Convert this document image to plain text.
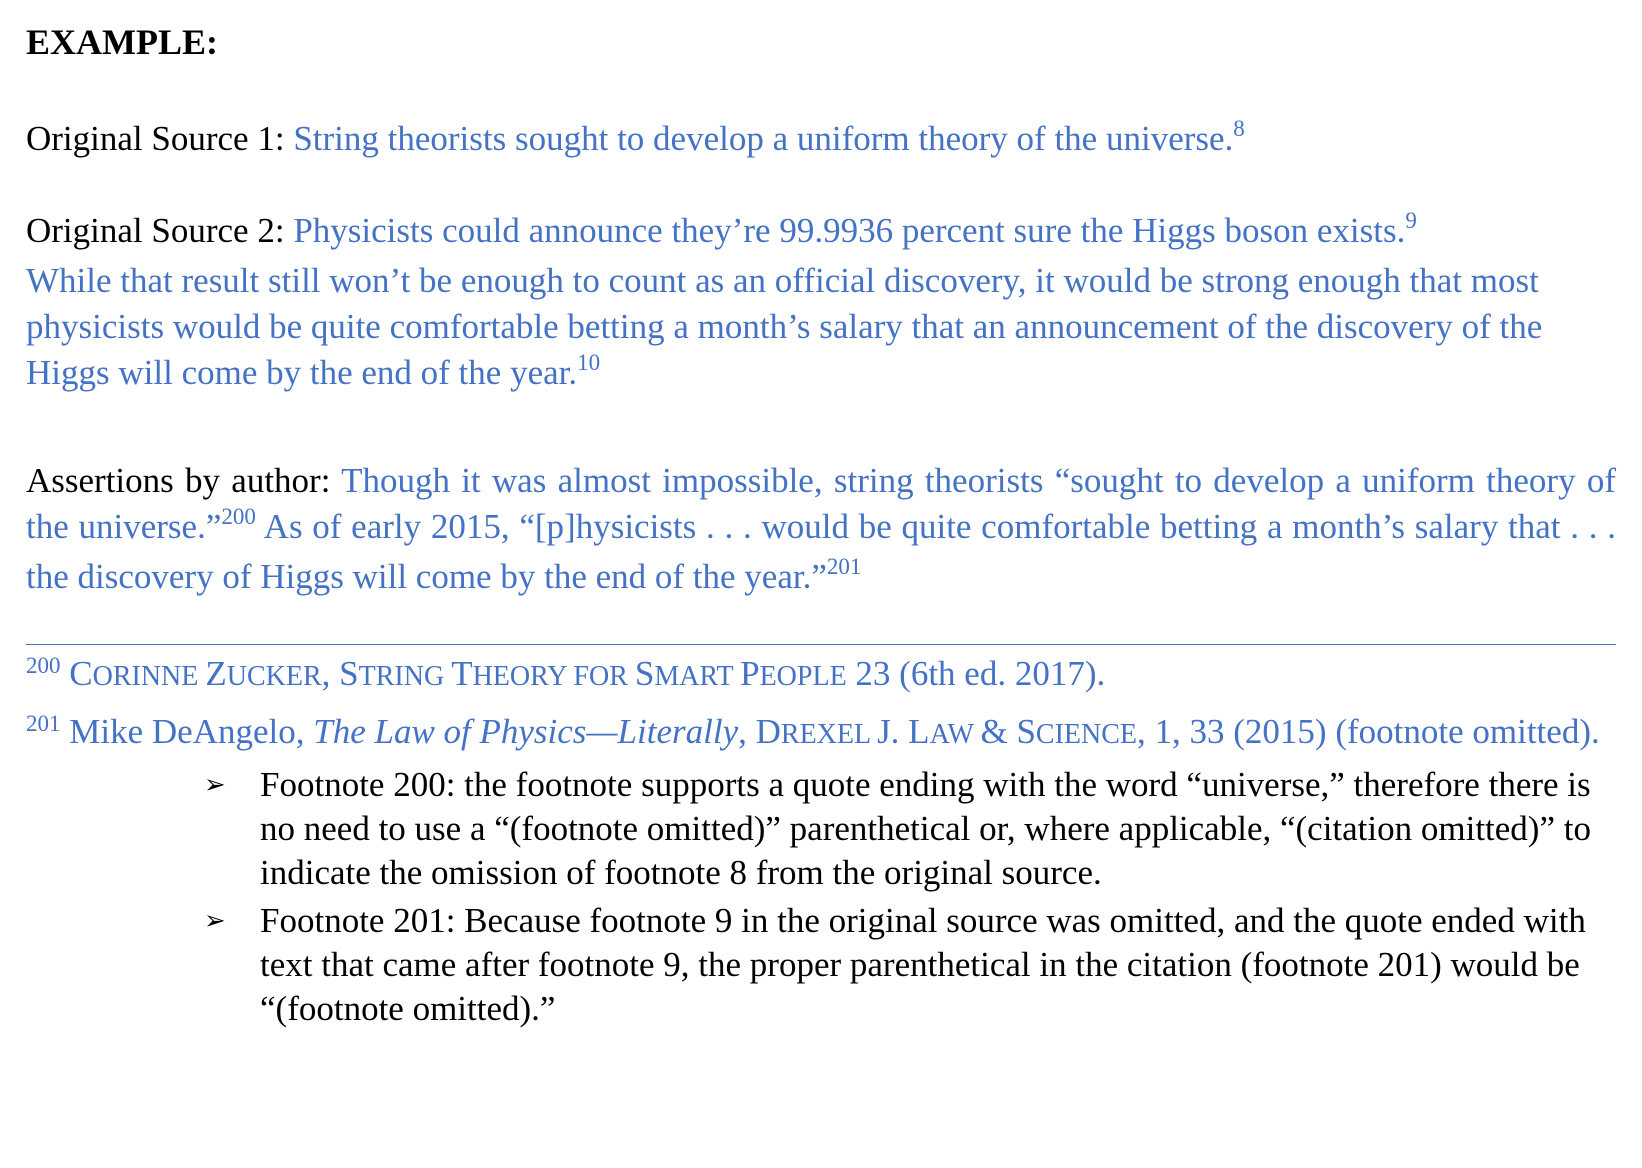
EXAMPLE:

Original Source 1: String theorists sought to develop a uniform theory of the universe.$^8$

Original Source 2: Physicists could announce they’re 99.9936 percent sure the Higgs boson exists.$^9$
While that result still won’t be enough to count as an official discovery, it would be strong enough that most physicists would be quite comfortable betting a month’s salary that an announcement of the discovery of the Higgs will come by the end of the year.$^{10}$

Assertions by author: Though it was almost impossible, string theorists “sought to develop a uniform theory of the universe.”$^{200}$ As of early 2015, “[p]hysicists . . . would be quite comfortable betting a month’s salary that . . . the discovery of Higgs will come by the end of the year.”$^{201}$

$^{200}$ CORINNE ZUCKER, STRING THEORY FOR SMART PEOPLE 23 (6th ed. 2017).

$^{201}$ Mike DeAngelo, The Law of Physics—Literally, DREXEL J. LAW & SCIENCE, 1, 33 (2015) (footnote omitted).

➢ Footnote 200: the footnote supports a quote ending with the word “universe,” therefore there is no need to use a “(footnote omitted)” parenthetical or, where applicable, “(citation omitted)” to indicate the omission of footnote 8 from the original source.
➢ Footnote 201: Because footnote 9 in the original source was omitted, and the quote ended with text that came after footnote 9, the proper parenthetical in the citation (footnote 201) would be “(footnote omitted).”
